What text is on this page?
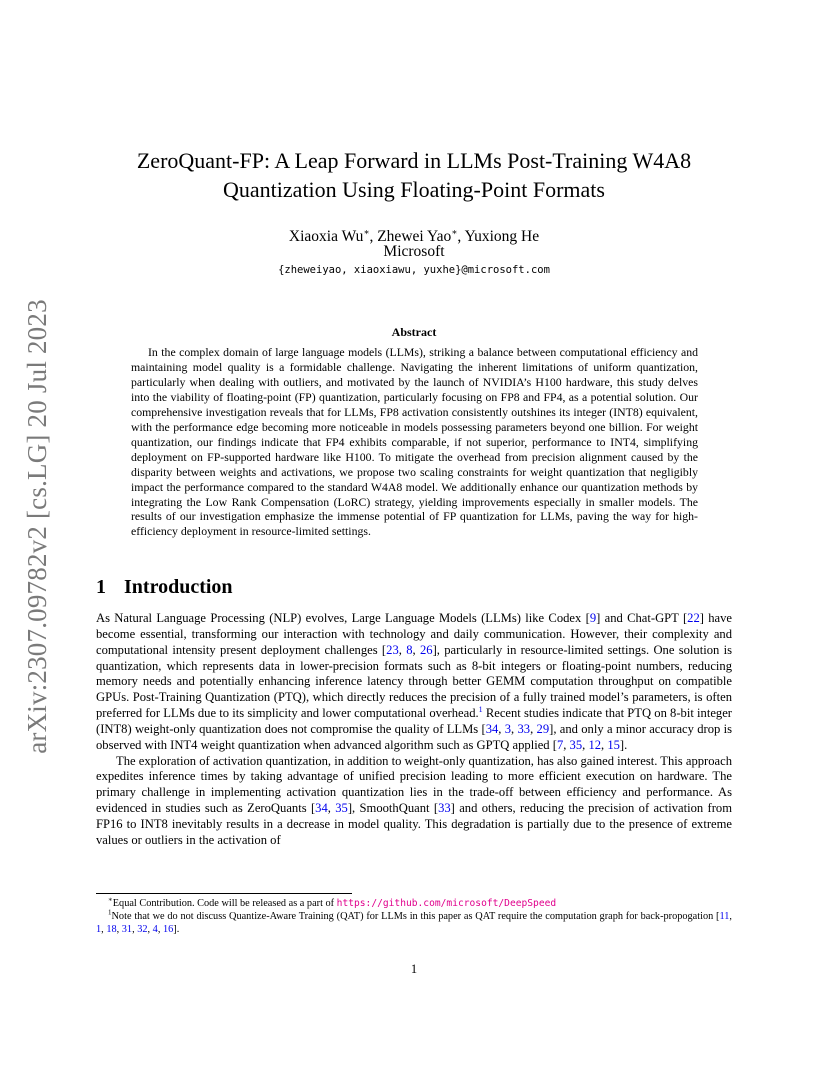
arXiv:2307.09782v2 [cs.LG] 20 Jul 2023
ZeroQuant-FP: A Leap Forward in LLMs Post-Training W4A8
Quantization Using Floating-Point Formats
Xiaoxia Wu∗, Zhewei Yao∗, Yuxiong He
Microsoft
{zheweiyao, xiaoxiawu, yuxhe}@microsoft.com
Abstract
In the complex domain of large language models (LLMs), striking a balance between computational efficiency and maintaining model quality is a formidable challenge. Navigating the inherent limitations of uniform quantization, particularly when dealing with outliers, and motivated by the launch of NVIDIA’s H100 hardware, this study delves into the viability of floating-point (FP) quantization, particularly focusing on FP8 and FP4, as a potential solution. Our comprehensive investigation reveals that for LLMs, FP8 activation consistently outshines its integer (INT8) equivalent, with the performance edge becoming more noticeable in models possessing parameters beyond one billion. For weight quantization, our findings indicate that FP4 exhibits comparable, if not superior, performance to INT4, simplifying deployment on FP-supported hardware like H100. To mitigate the overhead from precision alignment caused by the disparity between weights and activations, we propose two scaling constraints for weight quantization that negligibly impact the performance compared to the standard W4A8 model. We additionally enhance our quantization methods by integrating the Low Rank Compensation (LoRC) strategy, yielding improvements especially in smaller models. The results of our investigation emphasize the immense potential of FP quantization for LLMs, paving the way for high-efficiency deployment in resource-limited settings.
1 Introduction

As Natural Language Processing (NLP) evolves, Large Language Models (LLMs) like Codex [9] and Chat-GPT [22] have become essential, transforming our interaction with technology and daily communication. However, their complexity and computational intensity present deployment challenges [23, 8, 26], particularly in resource-limited settings. One solution is quantization, which represents data in lower-precision formats such as 8-bit integers or floating-point numbers, reducing memory needs and potentially enhancing inference latency through better GEMM computation throughput on compatible GPUs. Post-Training Quantization (PTQ), which directly reduces the precision of a fully trained model’s parameters, is often preferred for LLMs due to its simplicity and lower computational overhead.$^1$ Recent studies indicate that PTQ on 8-bit integer (INT8) weight-only quantization does not compromise the quality of LLMs [34, 3, 33, 29], and only a minor accuracy drop is observed with INT4 weight quantization when advanced algorithm such as GPTQ applied [7, 35, 12, 15].

The exploration of activation quantization, in addition to weight-only quantization, has also gained interest. This approach expedites inference times by taking advantage of unified precision leading to more efficient execution on hardware. The primary challenge in implementing activation quantization lies in the trade-off between efficiency and performance. As evidenced in studies such as ZeroQuants [34, 35], SmoothQuant [33] and others, reducing the precision of activation from FP16 to INT8 inevitably results in a decrease in model quality. This degradation is partially due to the presence of extreme values or outliers in the activation of

∗Equal Contribution. Code will be released as a part of https://github.com/microsoft/DeepSpeed

$^1$Note that we do not discuss Quantize-Aware Training (QAT) for LLMs in this paper as QAT require the computation graph for back-propogation [11, 1, 18, 31, 32, 4, 16].

1
